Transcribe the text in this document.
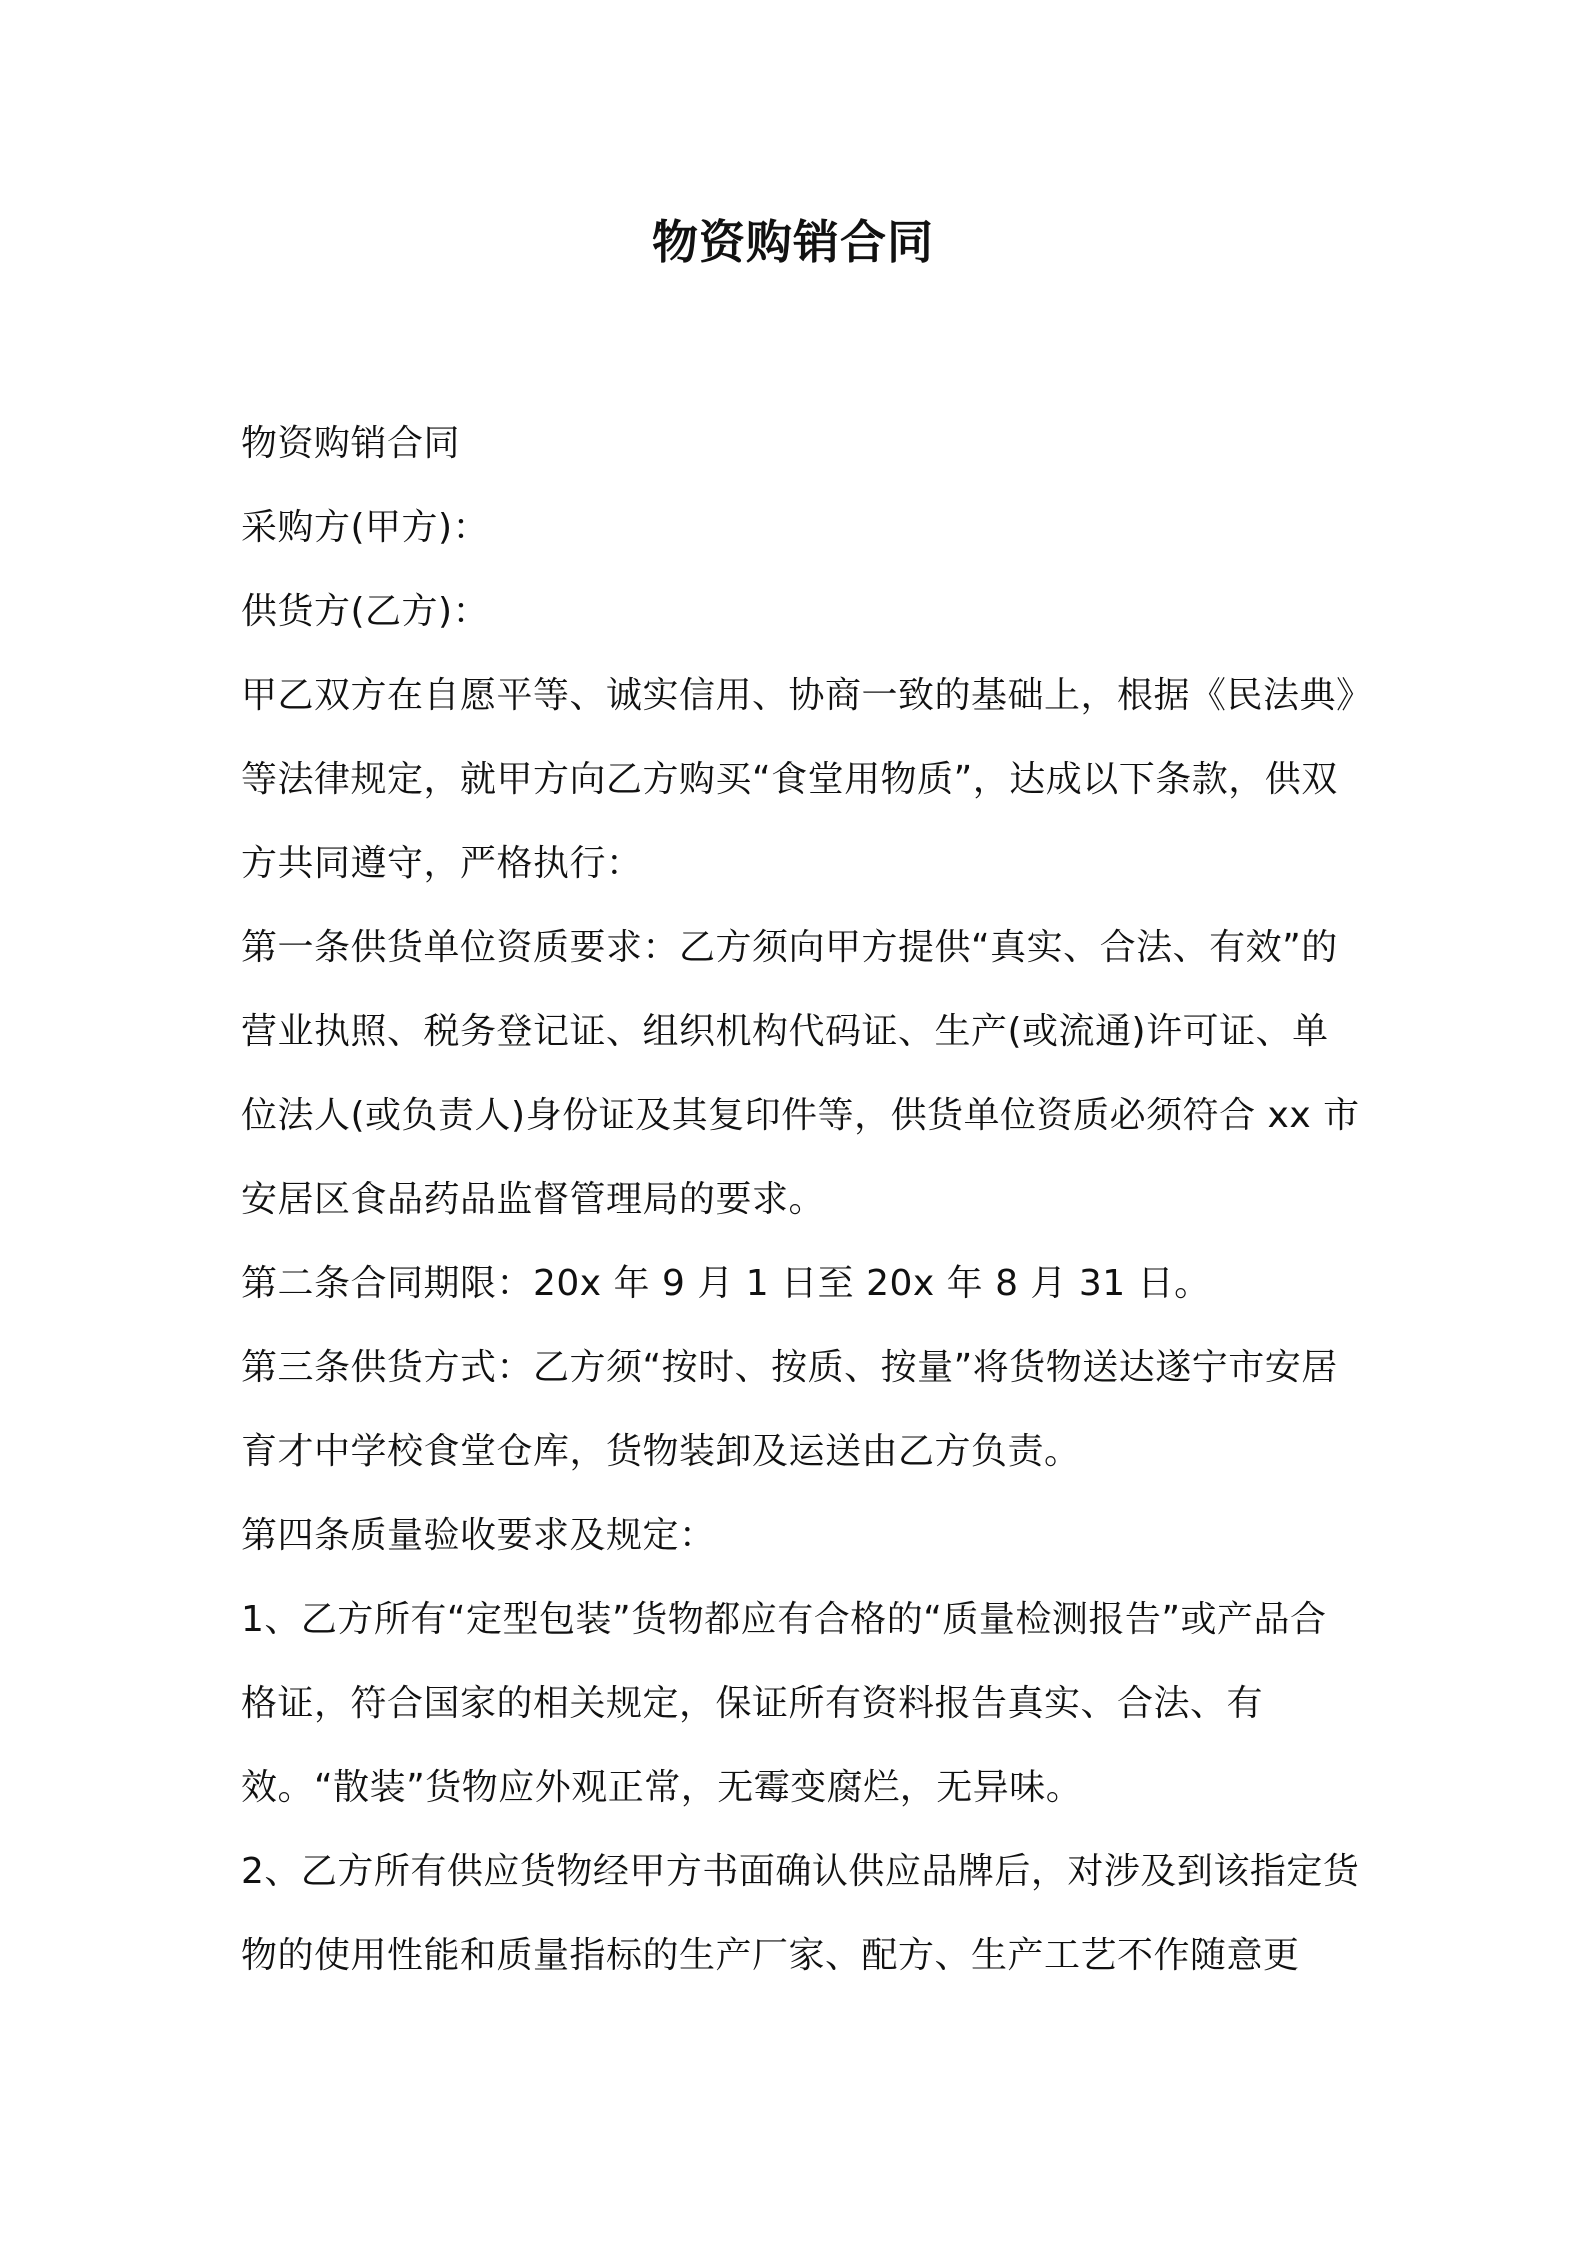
物资购销合同

物资购销合同

采购方(甲方)：

供货方(乙方)：

甲乙双方在自愿平等、诚实信用、协商一致的基础上，根据《民法典》等法律规定，就甲方向乙方购买“食堂用物质”，达成以下条款，供双方共同遵守，严格执行：

第一条供货单位资质要求：乙方须向甲方提供“真实、合法、有效”的营业执照、税务登记证、组织机构代码证、生产(或流通)许可证、单位法人(或负责人)身份证及其复印件等，供货单位资质必须符合 xx 市安居区食品药品监督管理局的要求。

第二条合同期限：20x 年 9 月 1 日至 20x 年 8 月 31 日。

第三条供货方式：乙方须“按时、按质、按量”将货物送达遂宁市安居育才中学校食堂仓库，货物装卸及运送由乙方负责。

第四条质量验收要求及规定：

1、乙方所有“定型包装”货物都应有合格的“质量检测报告”或产品合格证，符合国家的相关规定，保证所有资料报告真实、合法、有效。“散装”货物应外观正常，无霉变腐烂，无异味。

2、乙方所有供应货物经甲方书面确认供应品牌后，对涉及到该指定货物的使用性能和质量指标的生产厂家、配方、生产工艺不作随意更
